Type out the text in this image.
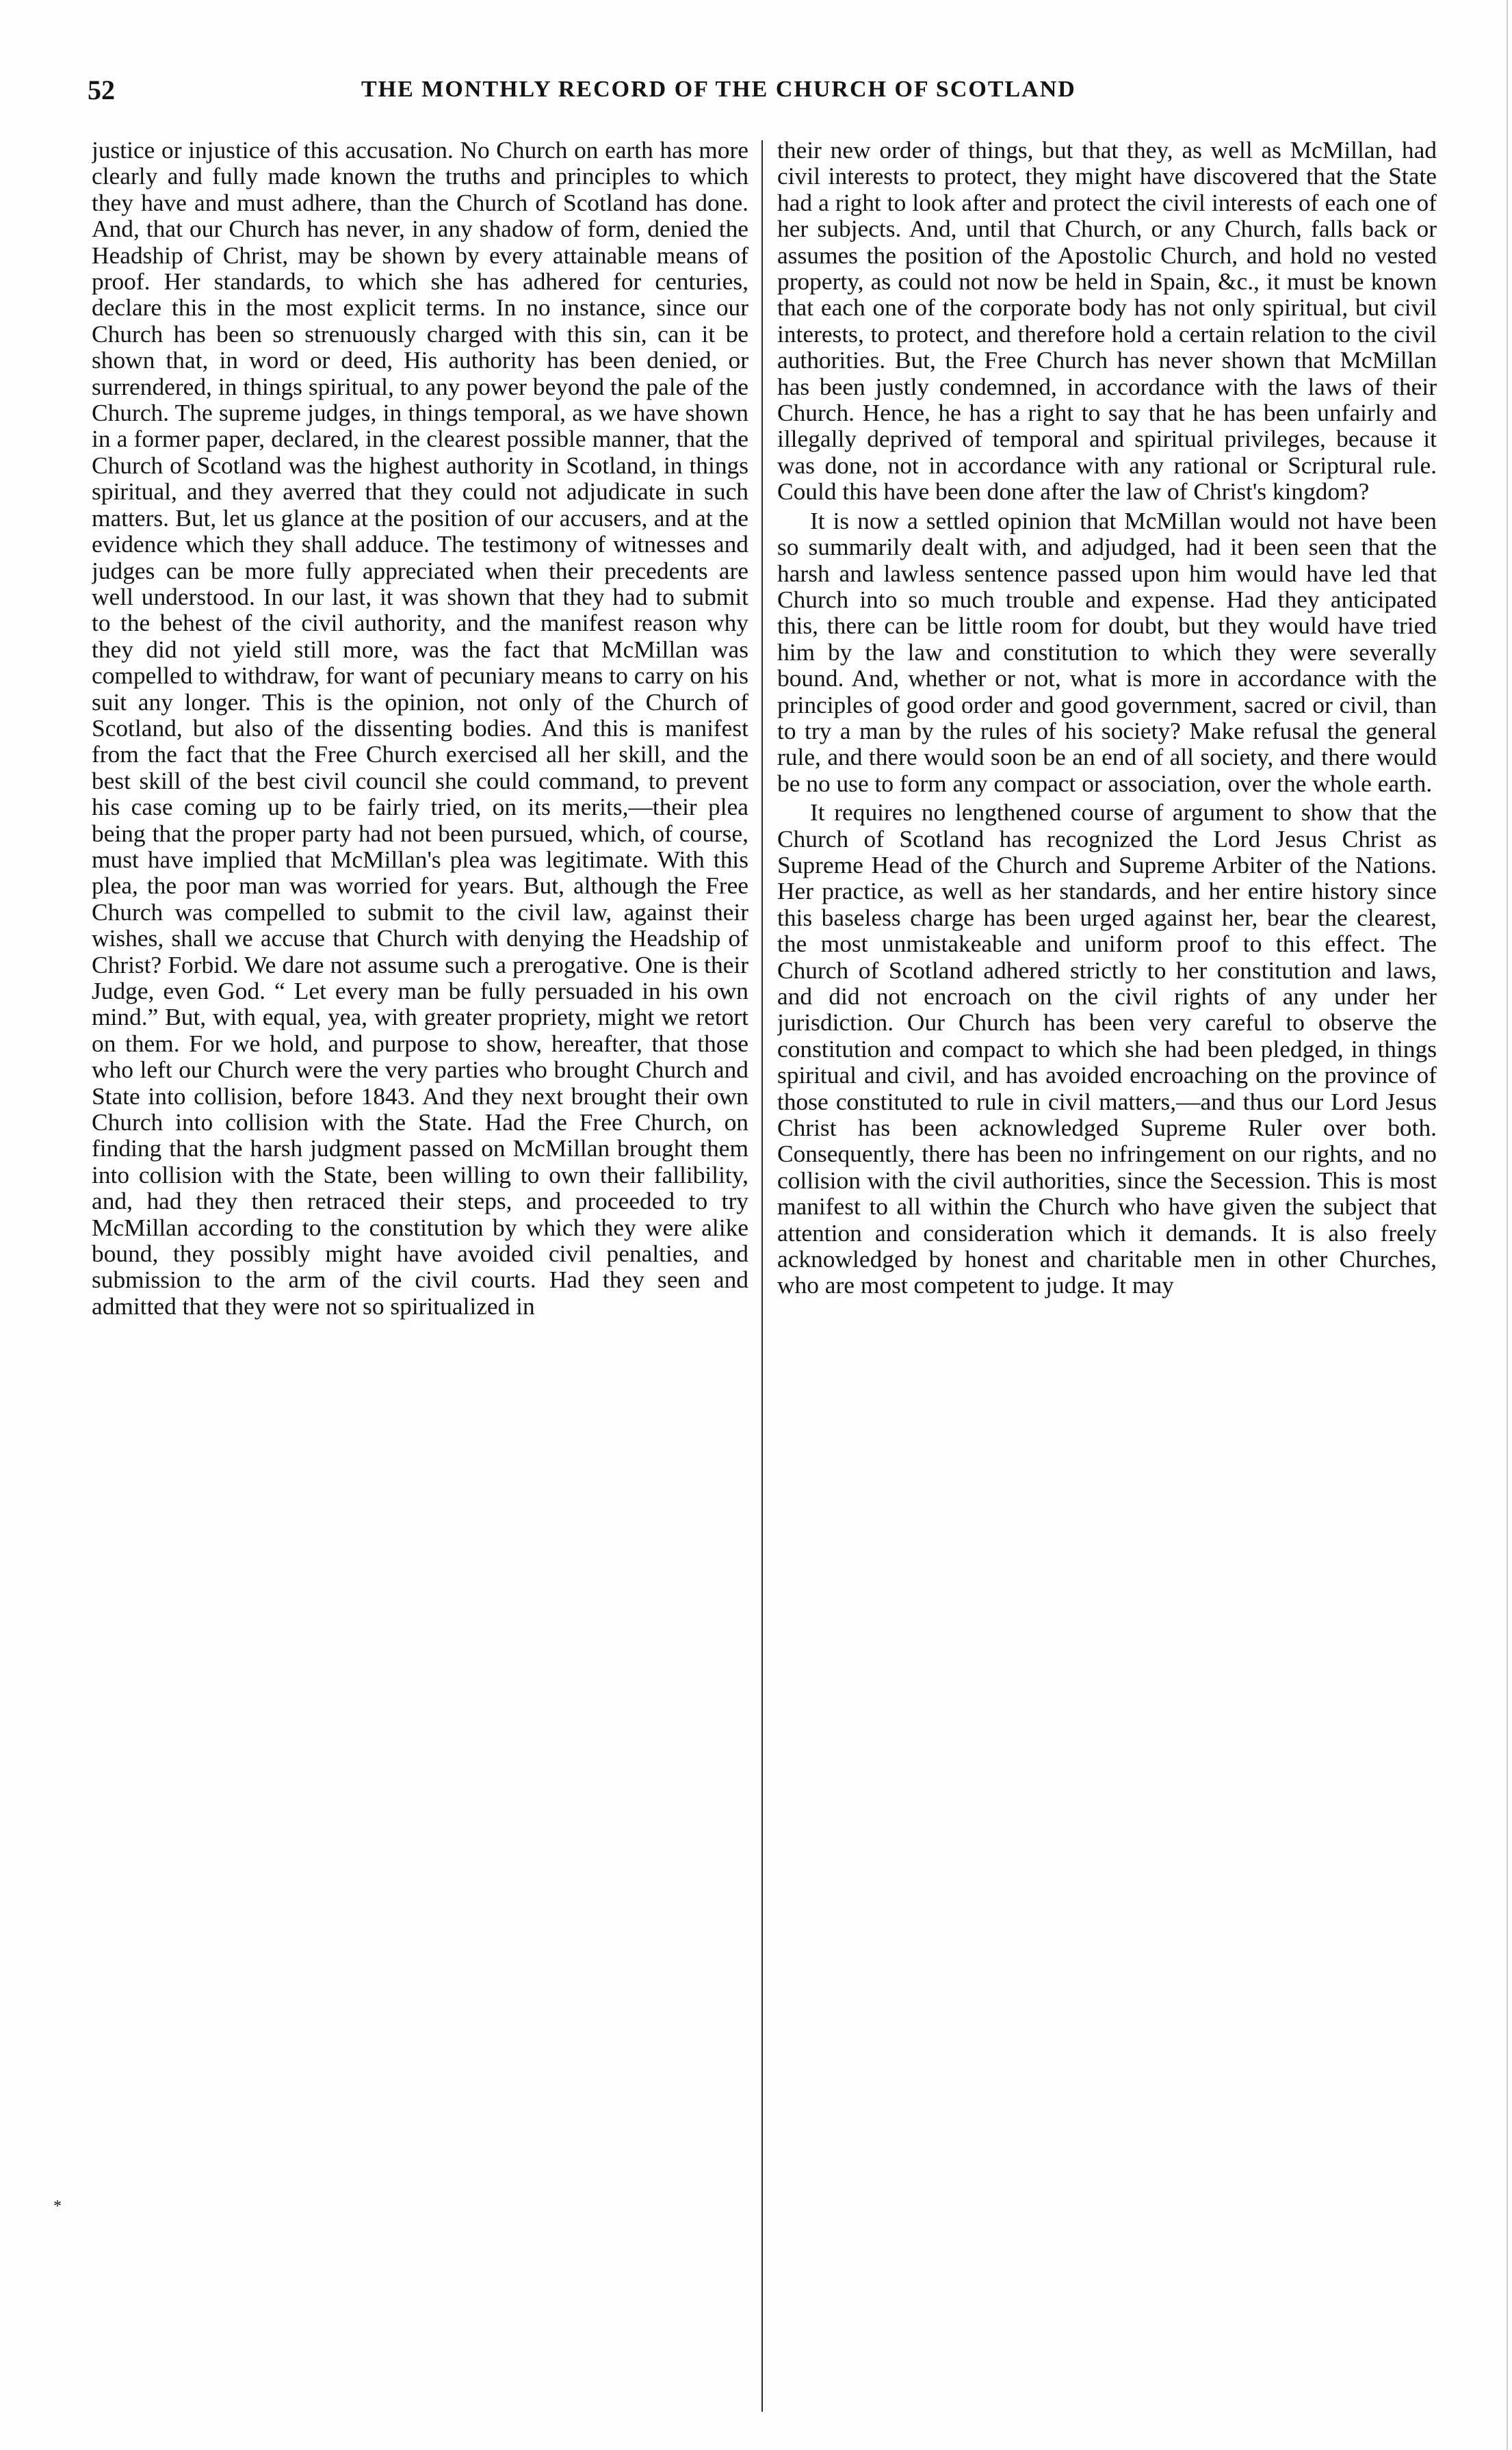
52	THE MONTHLY RECORD OF THE CHURCH OF SCOTLAND

justice or injustice of this accusation. No Church on earth has more clearly and fully made known the truths and principles to which they have and must adhere, than the Church of Scotland has done. And, that our Church has never, in any shadow of form, denied the Headship of Christ, may be shown by every attainable means of proof. Her standards, to which she has adhered for centuries, declare this in the most explicit terms. In no instance, since our Church has been so strenuously charged with this sin, can it be shown that, in word or deed, His authority has been denied, or surrendered, in things spiritual, to any power beyond the pale of the Church. The supreme judges, in things temporal, as we have shown in a former paper, declared, in the clearest possible manner, that the Church of Scotland was the highest authority in Scotland, in things spiritual, and they averred that they could not adjudicate in such matters. But, let us glance at the position of our accusers, and at the evidence which they shall adduce. The testimony of witnesses and judges can be more fully appreciated when their precedents are well understood. In our last, it was shown that they had to submit to the behest of the civil authority, and the manifest reason why they did not yield still more, was the fact that McMillan was compelled to withdraw, for want of pecuniary means to carry on his suit any longer. This is the opinion, not only of the Church of Scotland, but also of the dissenting bodies. And this is manifest from the fact that the Free Church exercised all her skill, and the best skill of the best civil council she could command, to prevent his case coming up to be fairly tried, on its merits,—their plea being that the proper party had not been pursued, which, of course, must have implied that McMillan's plea was legitimate. With this plea, the poor man was worried for years. But, although the Free Church was compelled to submit to the civil law, against their wishes, shall we accuse that Church with denying the Headship of Christ? Forbid. We dare not assume such a prerogative. One is their Judge, even God. “ Let every man be fully persuaded in his own mind.” But, with equal, yea, with greater propriety, might we retort on them. For we hold, and purpose to show, hereafter, that those who left our Church were the very parties who brought Church and State into collision, before 1843. And they next brought their own Church into collision with the State. Had the Free Church, on finding that the harsh judgment passed on McMillan brought them into collision with the State, been willing to own their fallibility, and, had they then retraced their steps, and proceeded to try McMillan according to the constitution by which they were alike bound, they possibly might have avoided civil penalties, and submission to the arm of the civil courts. Had they seen and admitted that they were not so spiritualized in

their new order of things, but that they, as well as McMillan, had civil interests to protect, they might have discovered that the State had a right to look after and protect the civil interests of each one of her subjects. And, until that Church, or any Church, falls back or assumes the position of the Apostolic Church, and hold no vested property, as could not now be held in Spain, &c., it must be known that each one of the corporate body has not only spiritual, but civil interests, to protect, and therefore hold a certain relation to the civil authorities. But, the Free Church has never shown that McMillan has been justly condemned, in accordance with the laws of their Church. Hence, he has a right to say that he has been unfairly and illegally deprived of temporal and spiritual privileges, because it was done, not in accordance with any rational or Scriptural rule. Could this have been done after the law of Christ's kingdom?

It is now a settled opinion that McMillan would not have been so summarily dealt with, and adjudged, had it been seen that the harsh and lawless sentence passed upon him would have led that Church into so much trouble and expense. Had they anticipated this, there can be little room for doubt, but they would have tried him by the law and constitution to which they were severally bound. And, whether or not, what is more in accordance with the principles of good order and good government, sacred or civil, than to try a man by the rules of his society? Make refusal the general rule, and there would soon be an end of all society, and there would be no use to form any compact or association, over the whole earth.

It requires no lengthened course of argument to show that the Church of Scotland has recognized the Lord Jesus Christ as Supreme Head of the Church and Supreme Arbiter of the Nations. Her practice, as well as her standards, and her entire history since this baseless charge has been urged against her, bear the clearest, the most unmistakeable and uniform proof to this effect. The Church of Scotland adhered strictly to her constitution and laws, and did not encroach on the civil rights of any under her jurisdiction. Our Church has been very careful to observe the constitution and compact to which she had been pledged, in things spiritual and civil, and has avoided encroaching on the province of those constituted to rule in civil matters,—and thus our Lord Jesus Christ has been acknowledged Supreme Ruler over both. Consequently, there has been no infringement on our rights, and no collision with the civil authorities, since the Secession. This is most manifest to all within the Church who have given the subject that attention and consideration which it demands. It is also freely acknowledged by honest and charitable men in other Churches, who are most competent to judge. It may

*
